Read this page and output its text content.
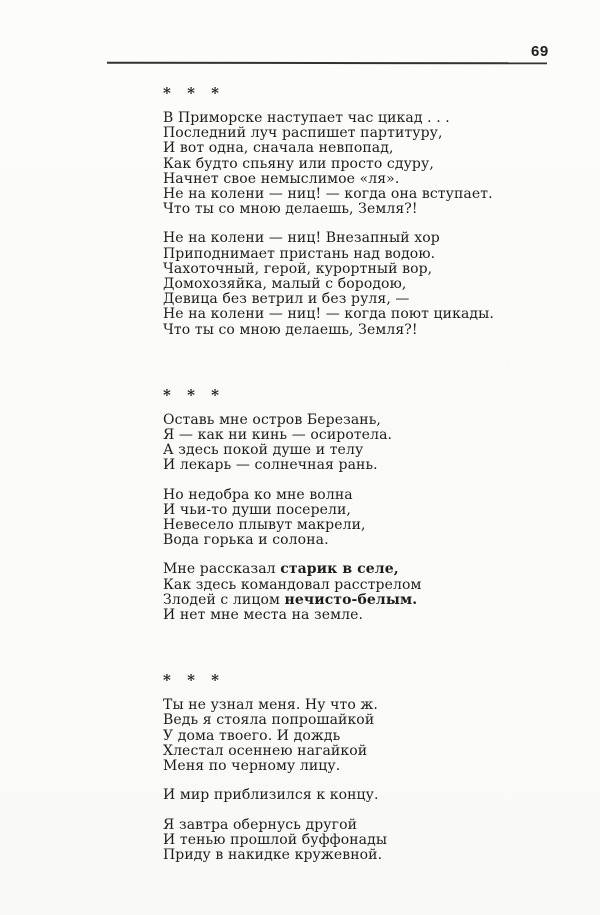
69
* * *
В Приморске наступает час цикад . . .
Последний луч распишет партитуру,
И вот одна, сначала невпопад,
Как будто спьяну или просто сдуру,
Начнет свое немыслимое «ля».
Не на колени — ниц! — когда она вступает.
Что ты со мною делаешь, Земля?!
Не на колени — ниц! Внезапный хор
Приподнимает пристань над водою.
Чахоточный, герой, курортный вор,
Домохозяйка, малый с бородою,
Девица без ветрил и без руля, —
Не на колени — ниц! — когда поют цикады.
Что ты со мною делаешь, Земля?!
* * *
Оставь мне остров Березань,
Я — как ни кинь — осиротела.
А здесь покой душе и телу
И лекарь — солнечная рань.
Но недобра ко мне волна
И чьи-то души посерели,
Невесело плывут макрели,
Вода горька и солона.
Мне рассказал старик в селе,
Как здесь командовал расстрелом
Злодей с лицом нечисто-белым.
И нет мне места на земле.
* * *
Ты не узнал меня. Ну что ж.
Ведь я стояла попрошайкой
У дома твоего. И дождь
Хлестал осеннею нагайкой
Меня по черному лицу.
И мир приблизился к концу.
Я завтра обернусь другой
И тенью прошлой буффонады
Приду в накидке кружевной.
